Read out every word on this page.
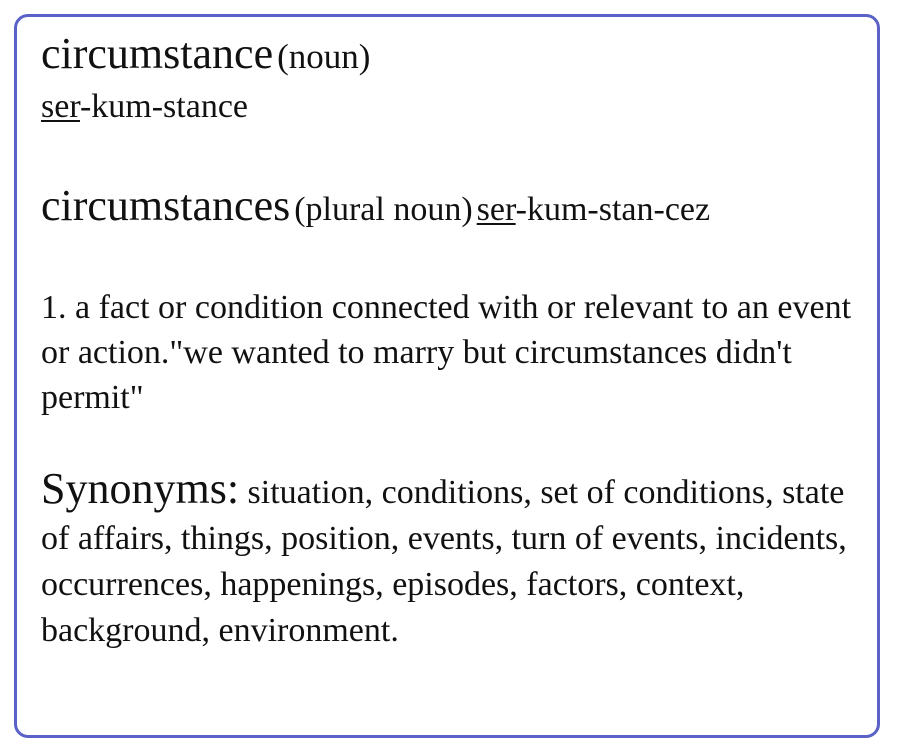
circumstance (noun)

ser-kum-stance

circumstances (plural noun) ser-kum-stan-cez

1. a fact or condition connected with or relevant to an event or action."we wanted to marry but circumstances didn't permit"

Synonyms: situation, conditions, set of conditions, state of affairs, things, position, events, turn of events, incidents, occurrences, happenings, episodes, factors, context, background, environment.
